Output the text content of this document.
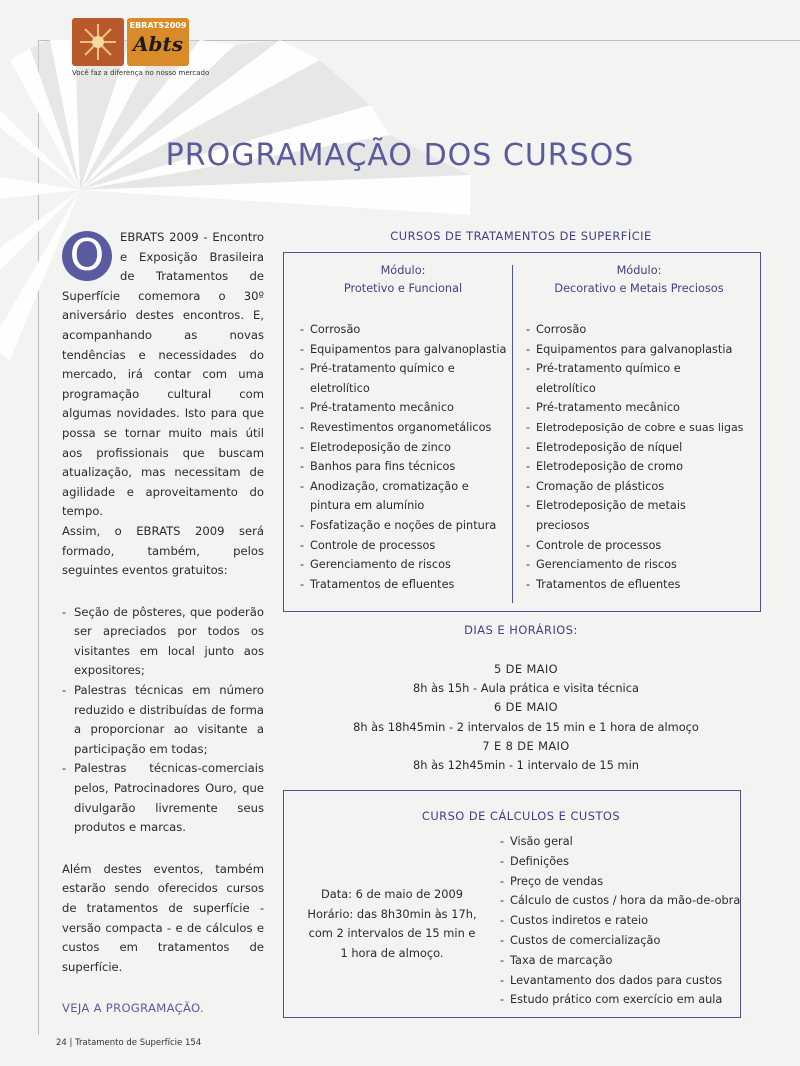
EBRATS2009
Abts
Você faz a diferença no nosso mercado
PROGRAMAÇÃO DOS CURSOS
O	EBRATS 2009 - Encontro e Exposição Brasileira de Tratamentos de Superfície comemora o 30º aniversário destes encontros. E, acompanhando as novas tendências e necessidades do mercado, irá contar com uma programação cultural com algumas novidades. Isto para que possa se tornar muito mais útil aos profissionais que buscam atualização, mas necessitam de agilidade e aproveitamento do tempo.

Assim, o EBRATS 2009 será formado, também, pelos seguintes eventos gratuitos:

- Seção de pôsteres, que poderão ser apreciados por todos os visitantes em local junto aos expositores;
- Palestras técnicas em número reduzido e distribuídas de forma a proporcionar ao visitante a participação em todas;
- Palestras técnicas-comerciais pelos, Patrocinadores Ouro, que divulgarão livremente seus produtos e marcas.

Além destes eventos, também estarão sendo oferecidos cursos de tratamentos de superfície - versão compacta - e de cálculos e custos em tratamentos de superfície.

VEJA A PROGRAMAÇÃO.
CURSOS DE TRATAMENTOS DE SUPERFÍCIE
Módulo:
Protetivo e Funcional
- Corrosão
- Equipamentos para galvanoplastia
- Pré-tratamento químico e eletrolítico
- Pré-tratamento mecânico
- Revestimentos organometálicos
- Eletrodeposição de zinco
- Banhos para fins técnicos
- Anodização, cromatização e pintura em alumínio
- Fosfatização e noções de pintura
- Controle de processos
- Gerenciamento de riscos
- Tratamentos de efluentes
Módulo:
Decorativo e Metais Preciosos
- Corrosão
- Equipamentos para galvanoplastia
- Pré-tratamento químico e eletrolítico
- Pré-tratamento mecânico
- Eletrodeposição de cobre e suas ligas
- Eletrodeposição de níquel
- Eletrodeposição de cromo
- Cromação de plásticos
- Eletrodeposição de metais preciosos
- Controle de processos
- Gerenciamento de riscos
- Tratamentos de efluentes
DIAS E HORÁRIOS:
5 DE MAIO
8h às 15h - Aula prática e visita técnica
6 DE MAIO
8h às 18h45min - 2 intervalos de 15 min e 1 hora de almoço
7 E 8 DE MAIO
8h às 12h45min - 1 intervalo de 15 min
CURSO DE CÁLCULOS E CUSTOS
Data: 6 de maio de 2009
Horário: das 8h30min às 17h,
com 2 intervalos de 15 min e
1 hora de almoço.
- Visão geral
- Definições
- Preço de vendas
- Cálculo de custos / hora da mão-de-obra
- Custos indiretos e rateio
- Custos de comercialização
- Taxa de marcação
- Levantamento dos dados para custos
- Estudo prático com exercício em aula
24 | Tratamento de Superfície 154
